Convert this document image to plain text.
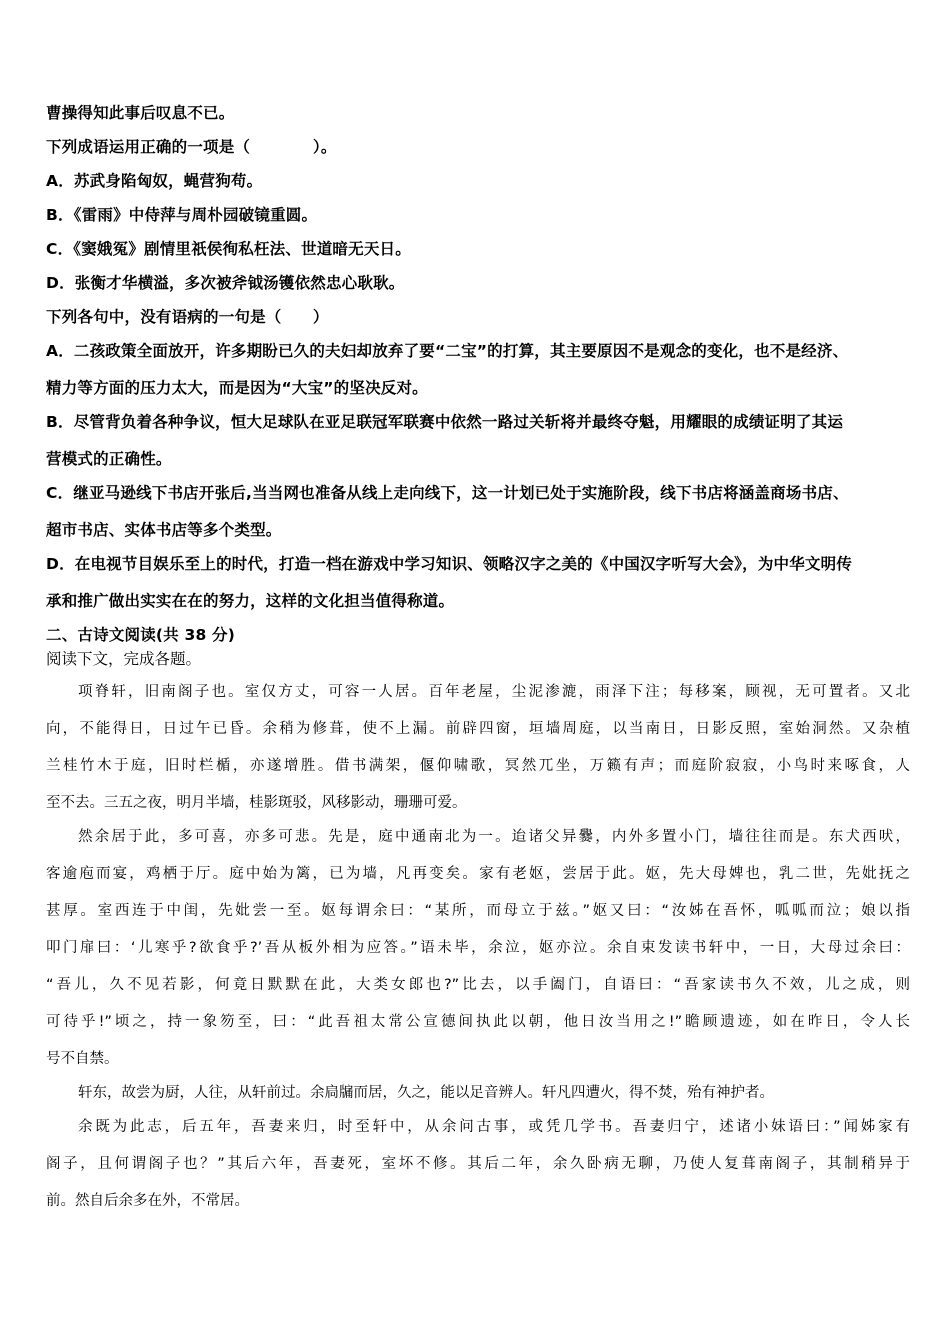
曹操得知此事后叹息不已。
下列成语运用正确的一项是（　　　　）。
A．苏武身陷匈奴，蝇营狗苟。
B．《雷雨》中侍萍与周朴园破镜重圆。
C．《窦娥冤》剧情里祇侯徇私枉法、世道暗无天日。
D．张衡才华横溢，多次被斧钺汤镬依然忠心耿耿。
下列各句中，没有语病的一句是（　　）
A．二孩政策全面放开，许多期盼已久的夫妇却放弃了要“二宝”的打算，其主要原因不是观念的变化，也不是经济、
精力等方面的压力太大，而是因为“大宝”的坚决反对。
B．尽管背负着各种争议，恒大足球队在亚足联冠军联赛中依然一路过关斩将并最终夺魁，用耀眼的成绩证明了其运
营模式的正确性。
C．继亚马逊线下书店开张后,当当网也准备从线上走向线下，这一计划已处于实施阶段，线下书店将涵盖商场书店、
超市书店、实体书店等多个类型。
D．在电视节目娱乐至上的时代，打造一档在游戏中学习知识、领略汉字之美的《中国汉字听写大会》，为中华文明传
承和推广做出实实在在的努力，这样的文化担当值得称道。
二、古诗文阅读(共 38 分)
阅读下文，完成各题。
项脊轩，旧南阁子也。室仅方丈，可容一人居。百年老屋，尘泥渗漉，雨泽下注；每移案，顾视，无可置者。又北
向，不能得日，日过午已昏。余稍为修葺，使不上漏。前辟四窗，垣墙周庭，以当南日，日影反照，室始洞然。又杂植
兰桂竹木于庭，旧时栏楯，亦遂增胜。借书满架，偃仰啸歌，冥然兀坐，万籁有声；而庭阶寂寂，小鸟时来啄食，人
至不去。三五之夜，明月半墙，桂影斑驳，风移影动，珊珊可爱。
然余居于此，多可喜，亦多可悲。先是，庭中通南北为一。迨诸父异爨，内外多置小门，墙往往而是。东犬西吠，
客逾庖而宴，鸡栖于厅。庭中始为篱，已为墙，凡再变矣。家有老妪，尝居于此。妪，先大母婢也，乳二世，先妣抚之
甚厚。室西连于中闺，先妣尝一至。妪每谓余曰：“某所，而母立于兹。”妪又曰：“汝姊在吾怀，呱呱而泣；娘以指
叩门扉曰：‘儿寒乎?欲食乎?’吾从板外相为应答。”语未毕，余泣，妪亦泣。余自束发读书轩中，一日，大母过余曰：
“吾儿，久不见若影，何竟日默默在此，大类女郎也?”比去，以手阖门，自语曰：“吾家读书久不效，儿之成，则
可待乎!”顷之，持一象笏至，曰：“此吾祖太常公宣德间执此以朝，他日汝当用之!”瞻顾遗迹，如在昨日，令人长
号不自禁。
轩东，故尝为厨，人往，从轩前过。余扃牖而居，久之，能以足音辨人。轩凡四遭火，得不焚，殆有神护者。
余既为此志，后五年，吾妻来归，时至轩中，从余问古事，或凭几学书。吾妻归宁，述诸小妹语曰：”闻姊家有
阁子，且何谓阁子也？”其后六年，吾妻死，室坏不修。其后二年，余久卧病无聊，乃使人复葺南阁子，其制稍异于
前。然自后余多在外，不常居。
